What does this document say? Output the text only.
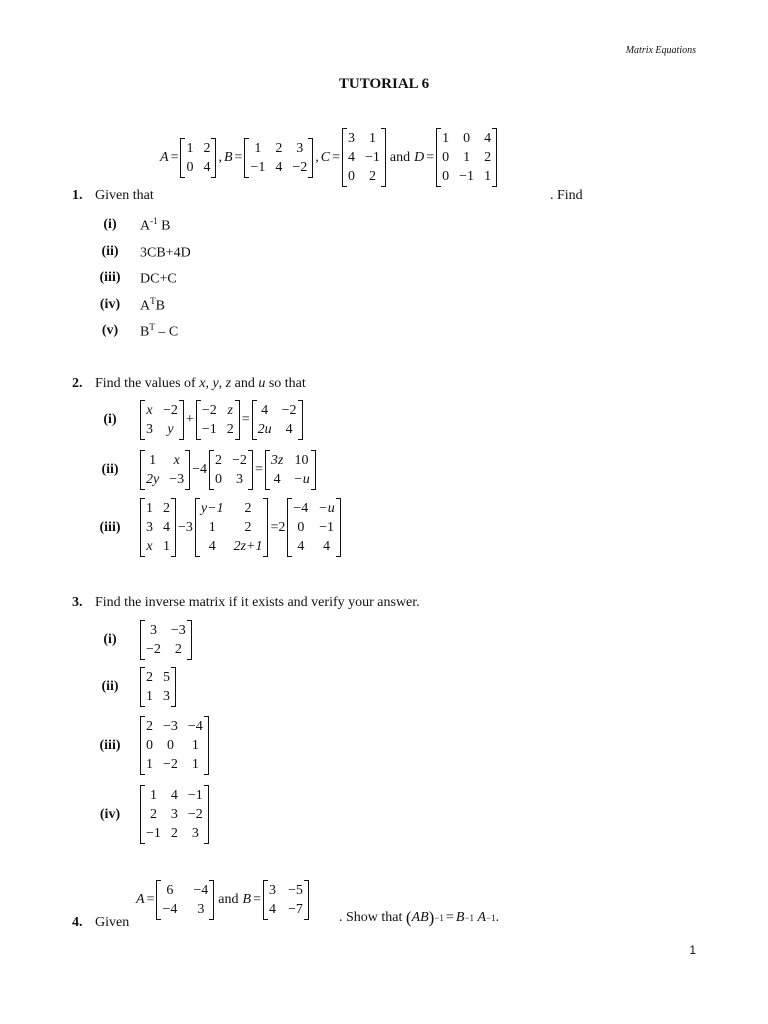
Matrix Equations
TUTORIAL 6
A =
1 2
0 4
, B =
1 2 3
−1 4 −2
, C =
3 1
4 −1
0 2
and D =
1 0 4
0 1 2
0 −1 1
1. Given that	. Find
2. Find the values of x, y, z and u so that
3. Find the inverse matrix if it exists and verify your answer.
4. Given
A =
6 −4
−4 3
and B =
3 −5
4 −7
. Show that
( AB ) −1 = B −1
A −1 .
1
(i)	$A^{-1}$ B
(ii)	3CB+4D
(iii)	DC+C
(iv)	$A^TB$
(v)	$B^T$ – C
(i)
x −2
3	y
+
−2 z
−1 2
=
4 −2
2u 4
(ii)
1	x
2y −3
−4
2 −2
0 3
=
3z 10
4 −u
(iii)
1 2
3 4
x 1
−3
y−1	2
1	2
4	2z+1
=2
−4 −u
0 −1
4	4
(i)
3 −3
−2 2
(ii)
2 5
1 3
(iii)
2 −3 −4
0 0 1
1 −2 1
(iv)
1 4 −1
2 3 −2
−1 2 3
